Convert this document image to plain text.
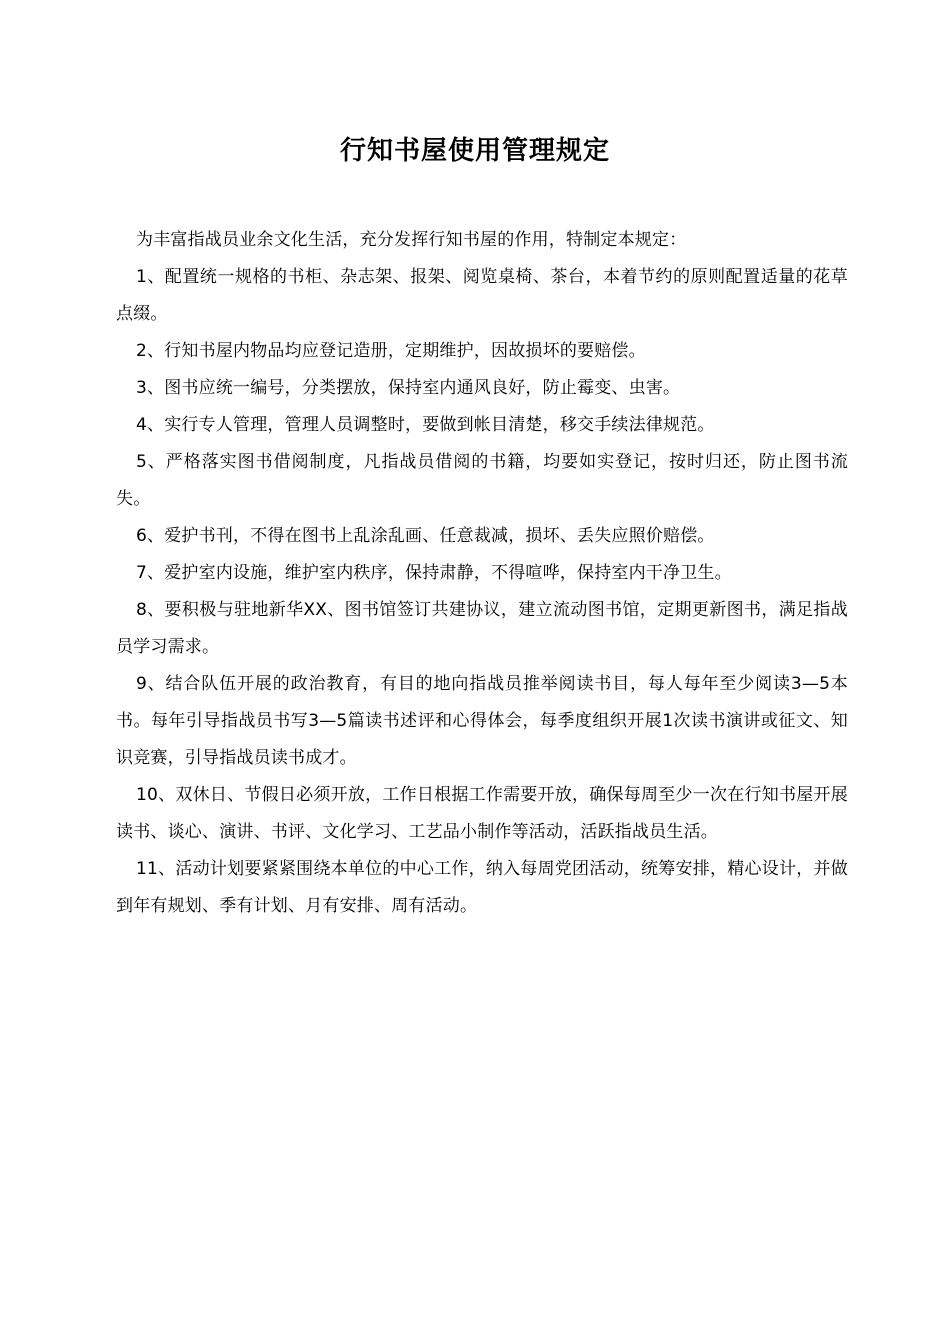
行知书屋使用管理规定

为丰富指战员业余文化生活，充分发挥行知书屋的作用，特制定本规定：

1、配置统一规格的书柜、杂志架、报架、阅览桌椅、茶台，本着节约的原则配置适量的花草点缀。

2、行知书屋内物品均应登记造册，定期维护，因故损坏的要赔偿。

3、图书应统一编号，分类摆放，保持室内通风良好，防止霉变、虫害。

4、实行专人管理，管理人员调整时，要做到帐目清楚，移交手续法律规范。

5、严格落实图书借阅制度，凡指战员借阅的书籍，均要如实登记，按时归还，防止图书流失。

6、爱护书刊，不得在图书上乱涂乱画、任意裁减，损坏、丢失应照价赔偿。

7、爱护室内设施，维护室内秩序，保持肃静，不得喧哗，保持室内干净卫生。

8、要积极与驻地新华XX、图书馆签订共建协议，建立流动图书馆，定期更新图书，满足指战员学习需求。

9、结合队伍开展的政治教育，有目的地向指战员推举阅读书目，每人每年至少阅读3—5本书。每年引导指战员书写3—5篇读书述评和心得体会，每季度组织开展1次读书演讲或征文、知识竞赛，引导指战员读书成才。

10、双休日、节假日必须开放，工作日根据工作需要开放，确保每周至少一次在行知书屋开展读书、谈心、演讲、书评、文化学习、工艺品小制作等活动，活跃指战员生活。

11、活动计划要紧紧围绕本单位的中心工作，纳入每周党团活动，统筹安排，精心设计，并做到年有规划、季有计划、月有安排、周有活动。
